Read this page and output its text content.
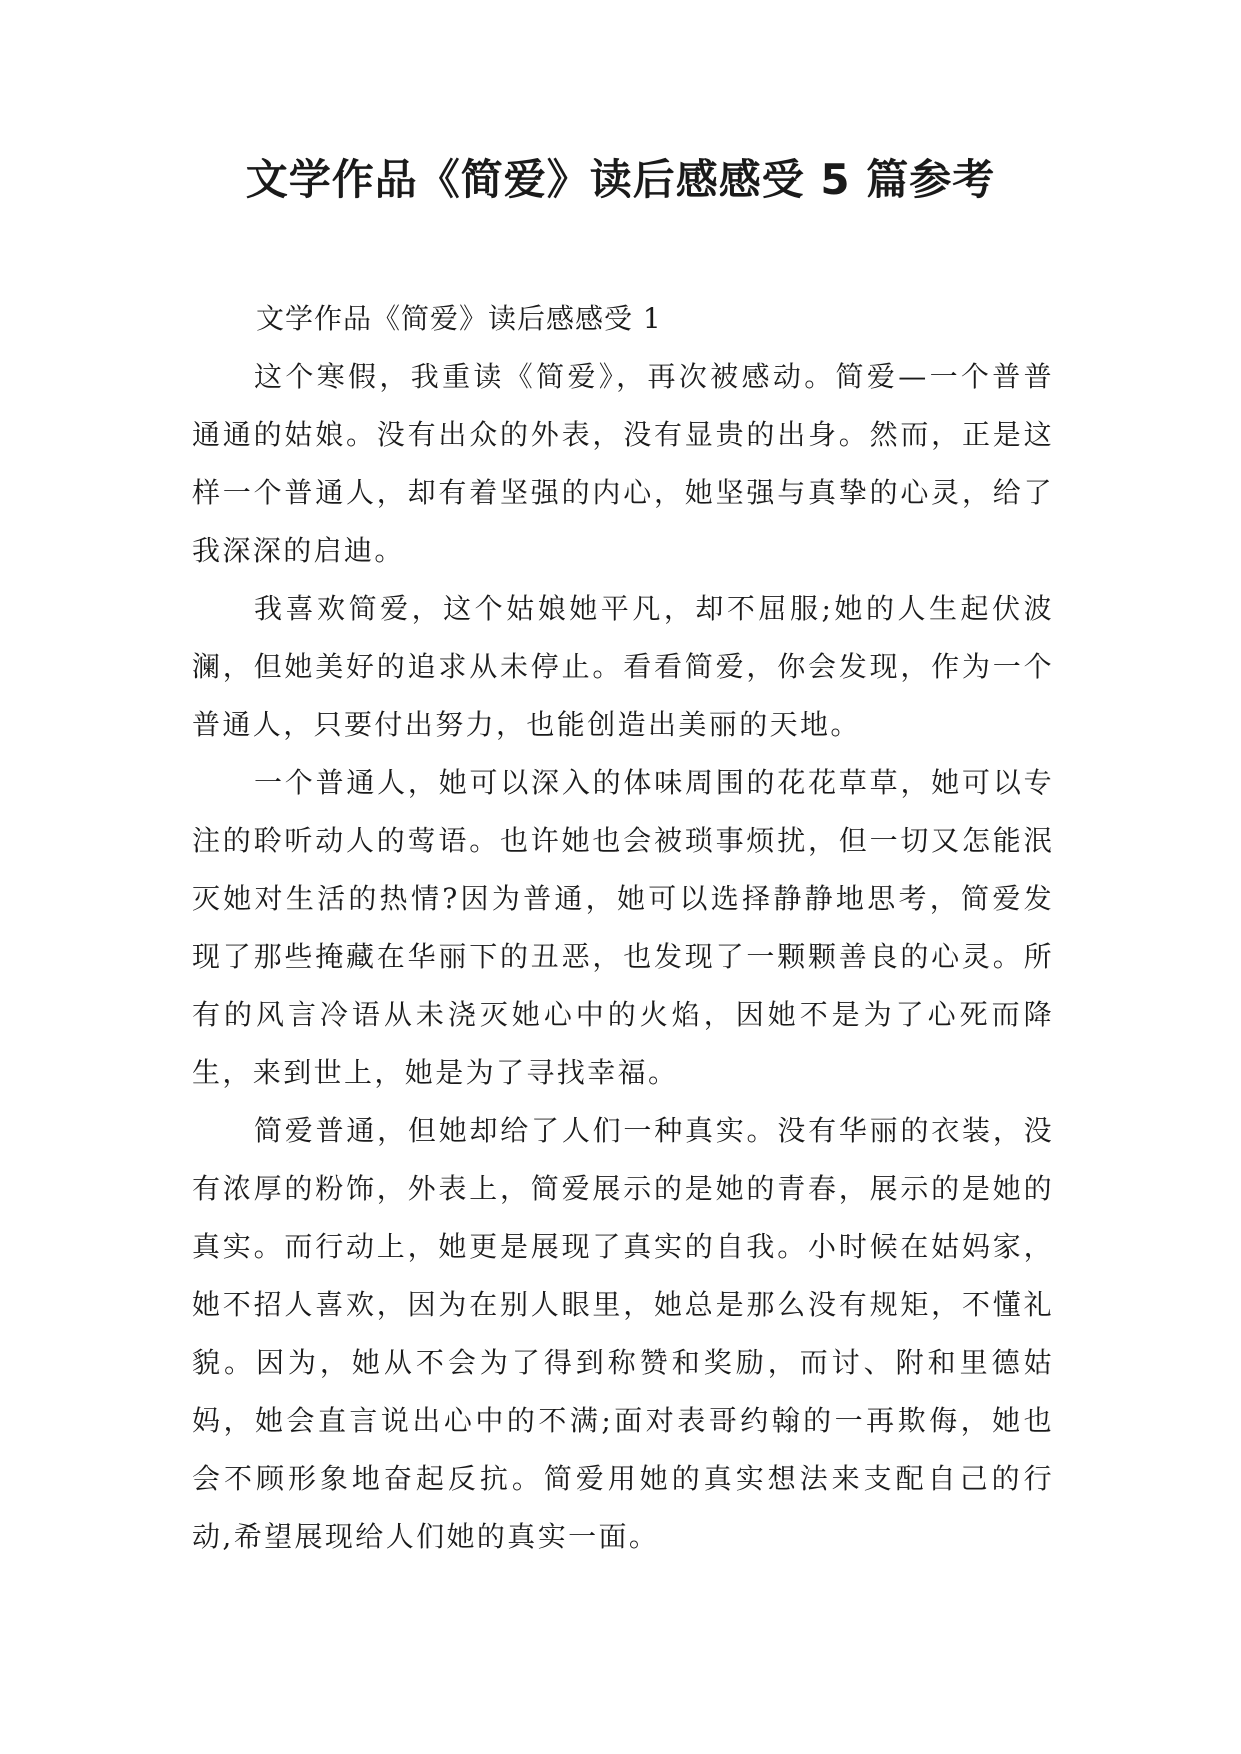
文学作品《简爱》读后感感受 5 篇参考

文学作品《简爱》读后感感受 1

这个寒假，我重读《简爱》，再次被感动。简爱—一个普普通通的姑娘。没有出众的外表，没有显贵的出身。然而，正是这样一个普通人，却有着坚强的内心，她坚强与真挚的心灵，给了我深深的启迪。

我喜欢简爱，这个姑娘她平凡，却不屈服;她的人生起伏波澜，但她美好的追求从未停止。看看简爱，你会发现，作为一个普通人，只要付出努力，也能创造出美丽的天地。

一个普通人，她可以深入的体味周围的花花草草，她可以专注的聆听动人的莺语。也许她也会被琐事烦扰，但一切又怎能泯灭她对生活的热情?因为普通，她可以选择静静地思考，简爱发现了那些掩藏在华丽下的丑恶，也发现了一颗颗善良的心灵。所有的风言冷语从未浇灭她心中的火焰，因她不是为了心死而降生，来到世上，她是为了寻找幸福。

简爱普通，但她却给了人们一种真实。没有华丽的衣装，没有浓厚的粉饰，外表上，简爱展示的是她的青春，展示的是她的真实。而行动上，她更是展现了真实的自我。小时候在姑妈家，她不招人喜欢，因为在别人眼里，她总是那么没有规矩，不懂礼貌。因为，她从不会为了得到称赞和奖励，而讨、附和里德姑妈，她会直言说出心中的不满;面对表哥约翰的一再欺侮，她也会不顾形象地奋起反抗。简爱用她的真实想法来支配自己的行动,希望展现给人们她的真实一面。
